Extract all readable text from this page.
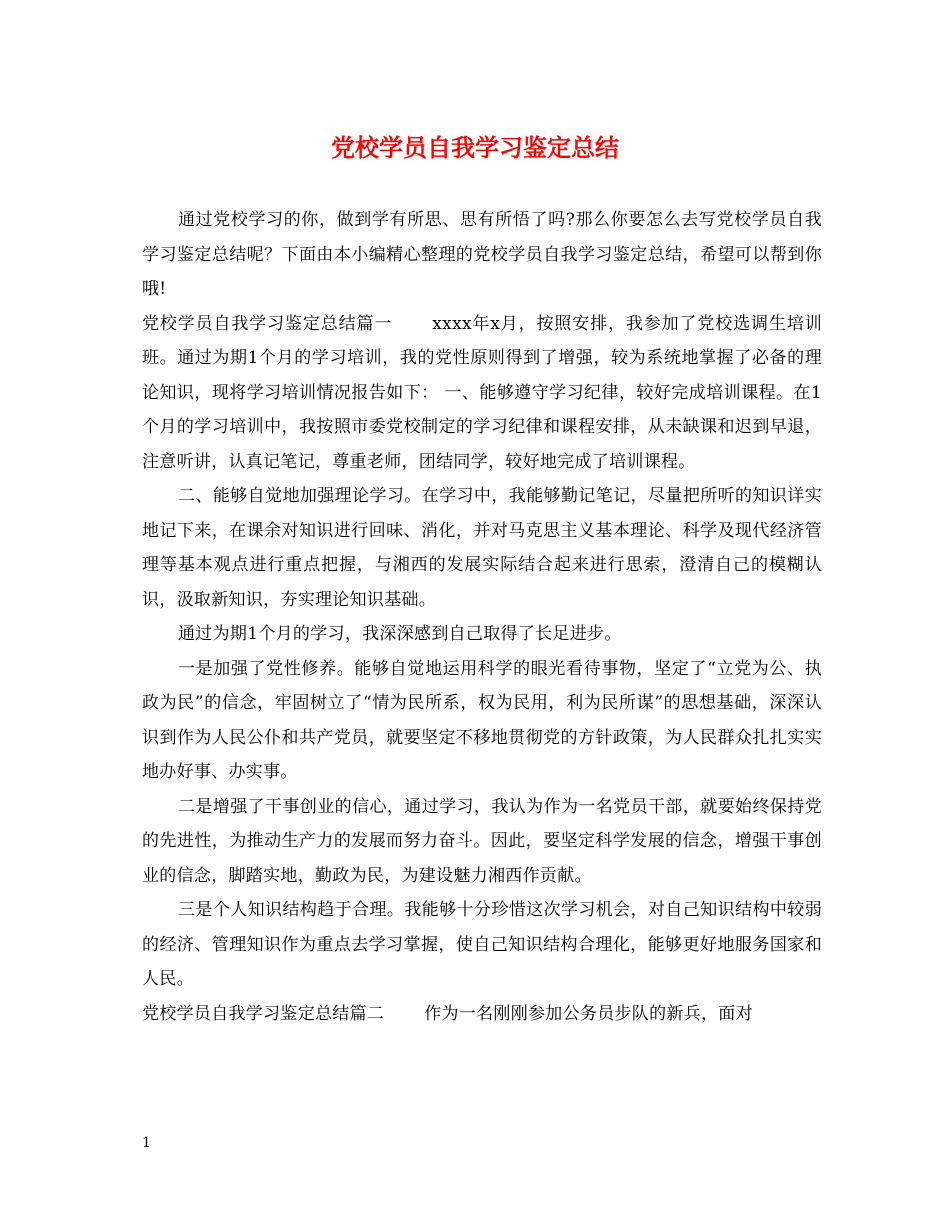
党校学员自我学习鉴定总结

通过党校学习的你，做到学有所思、思有所悟了吗?那么你要怎么去写党校学员自我学习鉴定总结呢？下面由本小编精心整理的党校学员自我学习鉴定总结，希望可以帮到你哦!

党校学员自我学习鉴定总结篇一 xxxx年x月，按照安排，我参加了党校选调生培训班。通过为期1个月的学习培训，我的党性原则得到了增强，较为系统地掌握了必备的理论知识，现将学习培训情况报告如下： 一、能够遵守学习纪律，较好完成培训课程。在1个月的学习培训中，我按照市委党校制定的学习纪律和课程安排，从未缺课和迟到早退，注意听讲，认真记笔记，尊重老师，团结同学，较好地完成了培训课程。

二、能够自觉地加强理论学习。在学习中，我能够勤记笔记，尽量把所听的知识详实地记下来，在课余对知识进行回味、消化，并对马克思主义基本理论、科学及现代经济管理等基本观点进行重点把握，与湘西的发展实际结合起来进行思索，澄清自己的模糊认识，汲取新知识，夯实理论知识基础。

通过为期1个月的学习，我深深感到自己取得了长足进步。

一是加强了党性修养。能够自觉地运用科学的眼光看待事物，坚定了“立党为公、执政为民”的信念，牢固树立了“情为民所系，权为民用，利为民所谋”的思想基础，深深认识到作为人民公仆和共产党员，就要坚定不移地贯彻党的方针政策，为人民群众扎扎实实地办好事、办实事。

二是增强了干事创业的信心，通过学习，我认为作为一名党员干部，就要始终保持党的先进性，为推动生产力的发展而努力奋斗。因此，要坚定科学发展的信念，增强干事创业的信念，脚踏实地，勤政为民，为建设魅力湘西作贡献。

三是个人知识结构趋于合理。我能够十分珍惜这次学习机会，对自己知识结构中较弱的经济、管理知识作为重点去学习掌握，使自己知识结构合理化，能够更好地服务国家和人民。

党校学员自我学习鉴定总结篇二 作为一名刚刚参加公务员步队的新兵，面对

1
